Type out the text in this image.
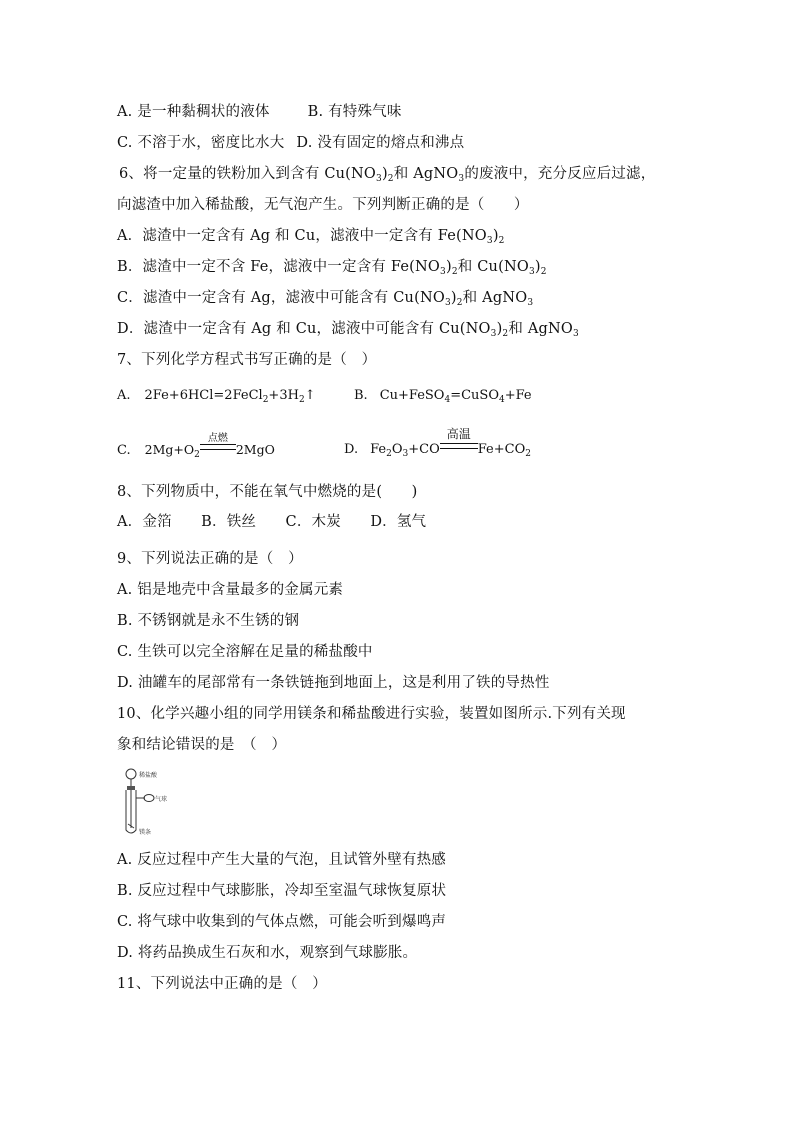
A. 是一种黏稠状的液体	B. 有特殊气味
C. 不溶于水，密度比水大 D. 没有固定的熔点和沸点
6、将一定量的铁粉加入到含有 $Cu(NO_3)_2$和 AgNO$_3$的废液中，充分反应后过滤，
向滤渣中加入稀盐酸，无气泡产生。下列判断正确的是（　　）
A．滤渣中一定含有 Ag 和 Cu，滤液中一定含有 $Fe(NO_3)_2$
B．滤渣中一定不含 Fe，滤液中一定含有 $Fe(NO_3)_2$和 $Cu(NO_3)_2$
C．滤渣中一定含有 Ag，滤液中可能含有 $Cu(NO_3)_2$和 AgNO$_3$
D．滤渣中一定含有 Ag 和 Cu，滤液中可能含有 $Cu(NO_3)_2$和 AgNO$_3$
7、下列化学方程式书写正确的是（　）
A. $2Fe+6HCl=2FeCl_2+3H_2↑$	B. Cu+FeSO$_4$=CuSO$_4$+Fe
C. $2Mg+O_2$
点燃
2MgO	D. $Fe_2O_3+CO$
高温
$Fe+CO_2$
8、下列物质中，不能在氧气中燃烧的是(　　)
A．金箔　　B．铁丝　　C．木炭　　D．氢气
9、下列说法正确的是（　）
A. 铝是地壳中含量最多的金属元素
B. 不锈钢就是永不生锈的钢
C. 生铁可以完全溶解在足量的稀盐酸中
D. 油罐车的尾部常有一条铁链拖到地面上，这是利用了铁的导热性
10、化学兴趣小组的同学用镁条和稀盐酸进行实验，装置如图所示.下列有关现
象和结论错误的是　（　）
稀盐酸
气球
镁条
A. 反应过程中产生大量的气泡，且试管外壁有热感
B. 反应过程中气球膨胀，冷却至室温气球恢复原状
C. 将气球中收集到的气体点燃，可能会听到爆鸣声
D. 将药品换成生石灰和水，观察到气球膨胀。
11、下列说法中正确的是（　）
